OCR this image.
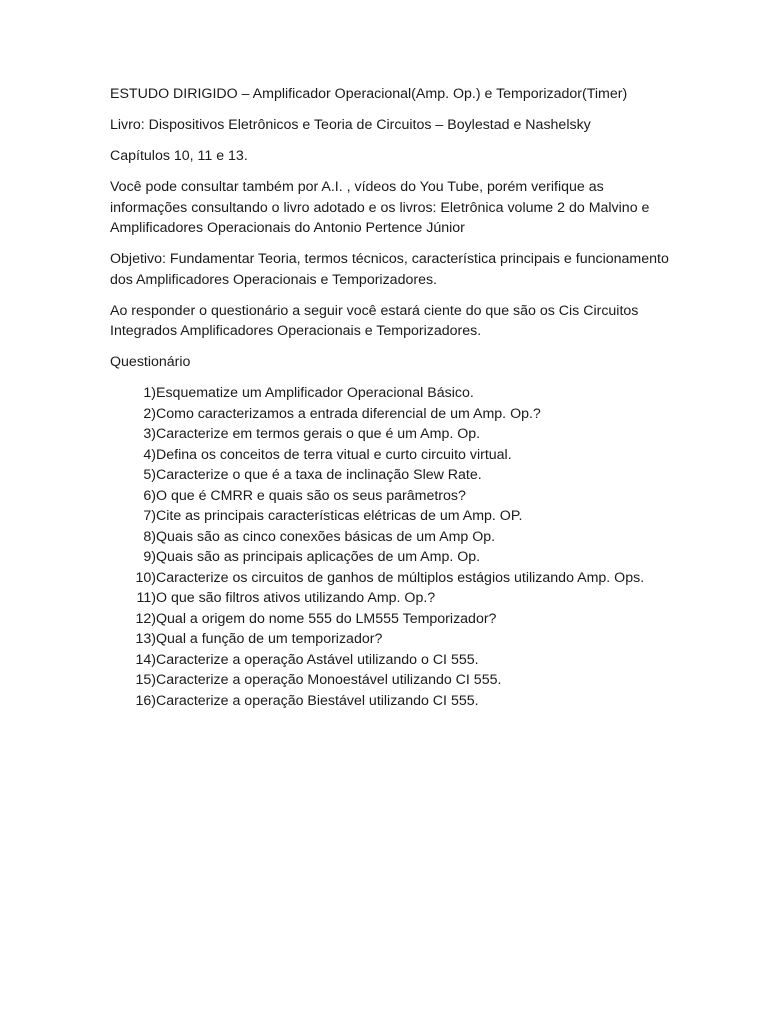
ESTUDO DIRIGIDO – Amplificador Operacional(Amp. Op.) e Temporizador(Timer)

Livro: Dispositivos Eletrônicos e Teoria de Circuitos – Boylestad e Nashelsky

Capítulos 10, 11 e 13.

Você pode consultar também por A.I. , vídeos do You Tube, porém verifique as informações consultando o livro adotado e os livros: Eletrônica volume 2 do Malvino e Amplificadores Operacionais do Antonio Pertence Júnior

Objetivo: Fundamentar Teoria, termos técnicos, característica principais e funcionamento dos Amplificadores Operacionais e Temporizadores.

Ao responder o questionário a seguir você estará ciente do que são os Cis Circuitos Integrados Amplificadores Operacionais e Temporizadores.

Questionário

1) Esquematize um Amplificador Operacional Básico.
2) Como caracterizamos a entrada diferencial de um Amp. Op.?
3) Caracterize em termos gerais o que é um Amp. Op.
4) Defina os conceitos de terra vitual e curto circuito virtual.
5) Caracterize o que é a taxa de inclinação Slew Rate.
6) O que é CMRR e quais são os seus parâmetros?
7) Cite as principais características elétricas de um Amp. OP.
8) Quais são as cinco conexões básicas de um Amp Op.
9) Quais são as principais aplicações de um Amp. Op.
10) Caracterize os circuitos de ganhos de múltiplos estágios utilizando Amp. Ops.
11) O que são filtros ativos utilizando Amp. Op.?
12) Qual a origem do nome 555 do LM555 Temporizador?
13) Qual a função de um temporizador?
14) Caracterize a operação Astável utilizando o CI 555.
15) Caracterize a operação Monoestável utilizando CI 555.
16) Caracterize a operação Biestável utilizando CI 555.
